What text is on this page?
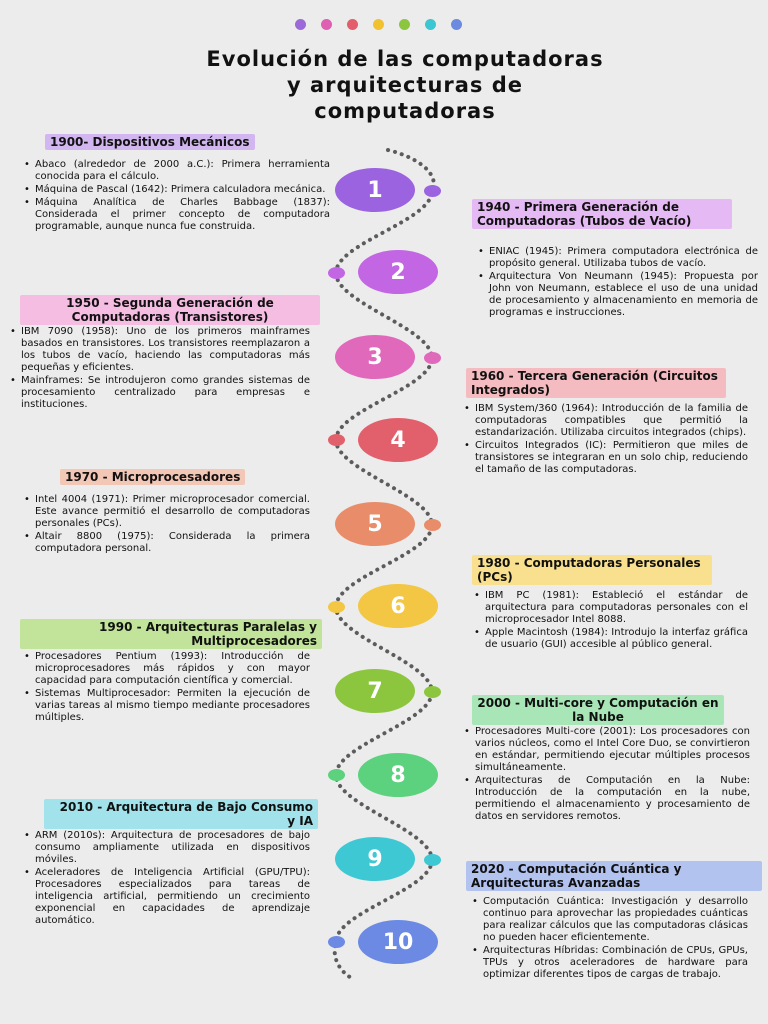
Evolución de las computadoras
y arquitecturas de
computadoras
1
2
3
4
5
6
7
8
9
10
1900- Dispositivos Mecánicos
• Abaco (alrededor de 2000 a.C.): Primera herramienta conocida para el cálculo.
• Máquina de Pascal (1642): Primera calculadora mecánica.
• Máquina Analítica de Charles Babbage (1837): Considerada el primer concepto de computadora programable, aunque nunca fue construida.
1940 - Primera Generación de Computadoras (Tubos de Vacío)
• ENIAC (1945): Primera computadora electrónica de propósito general. Utilizaba tubos de vacío.
• Arquitectura Von Neumann (1945): Propuesta por John von Neumann, establece el uso de una unidad de procesamiento y almacenamiento en memoria de programas e instrucciones.
1950 - Segunda Generación de Computadoras (Transistores)
• IBM 7090 (1958): Uno de los primeros mainframes basados en transistores. Los transistores reemplazaron a los tubos de vacío, haciendo las computadoras más pequeñas y eficientes.
• Mainframes: Se introdujeron como grandes sistemas de procesamiento centralizado para empresas e instituciones.
1960 - Tercera Generación (Circuitos Integrados)
• IBM System/360 (1964): Introducción de la familia de computadoras compatibles que permitió la estandarización. Utilizaba circuitos integrados (chips).
• Circuitos Integrados (IC): Permitieron que miles de transistores se integraran en un solo chip, reduciendo el tamaño de las computadoras.
1970 - Microprocesadores
• Intel 4004 (1971): Primer microprocesador comercial. Este avance permitió el desarrollo de computadoras personales (PCs).
• Altair 8800 (1975): Considerada la primera computadora personal.
1980 - Computadoras Personales (PCs)
• IBM PC (1981): Estableció el estándar de arquitectura para computadoras personales con el microprocesador Intel 8088.
• Apple Macintosh (1984): Introdujo la interfaz gráfica de usuario (GUI) accesible al público general.
1990 - Arquitecturas Paralelas y Multiprocesadores
• Procesadores Pentium (1993): Introducción de microprocesadores más rápidos y con mayor capacidad para computación científica y comercial.
• Sistemas Multiprocesador: Permiten la ejecución de varias tareas al mismo tiempo mediante procesadores múltiples.
2000 - Multi-core y Computación en la Nube
• Procesadores Multi-core (2001): Los procesadores con varios núcleos, como el Intel Core Duo, se convirtieron en estándar, permitiendo ejecutar múltiples procesos simultáneamente.
• Arquitecturas de Computación en la Nube: Introducción de la computación en la nube, permitiendo el almacenamiento y procesamiento de datos en servidores remotos.
2010 - Arquitectura de Bajo Consumo y IA
• ARM (2010s): Arquitectura de procesadores de bajo consumo ampliamente utilizada en dispositivos móviles.
• Aceleradores de Inteligencia Artificial (GPU/TPU): Procesadores especializados para tareas de inteligencia artificial, permitiendo un crecimiento exponencial en capacidades de aprendizaje automático.
2020 - Computación Cuántica y Arquitecturas Avanzadas
• Computación Cuántica: Investigación y desarrollo continuo para aprovechar las propiedades cuánticas para realizar cálculos que las computadoras clásicas no pueden hacer eficientemente.
• Arquitecturas Híbridas: Combinación de CPUs, GPUs, TPUs y otros aceleradores de hardware para optimizar diferentes tipos de cargas de trabajo.
